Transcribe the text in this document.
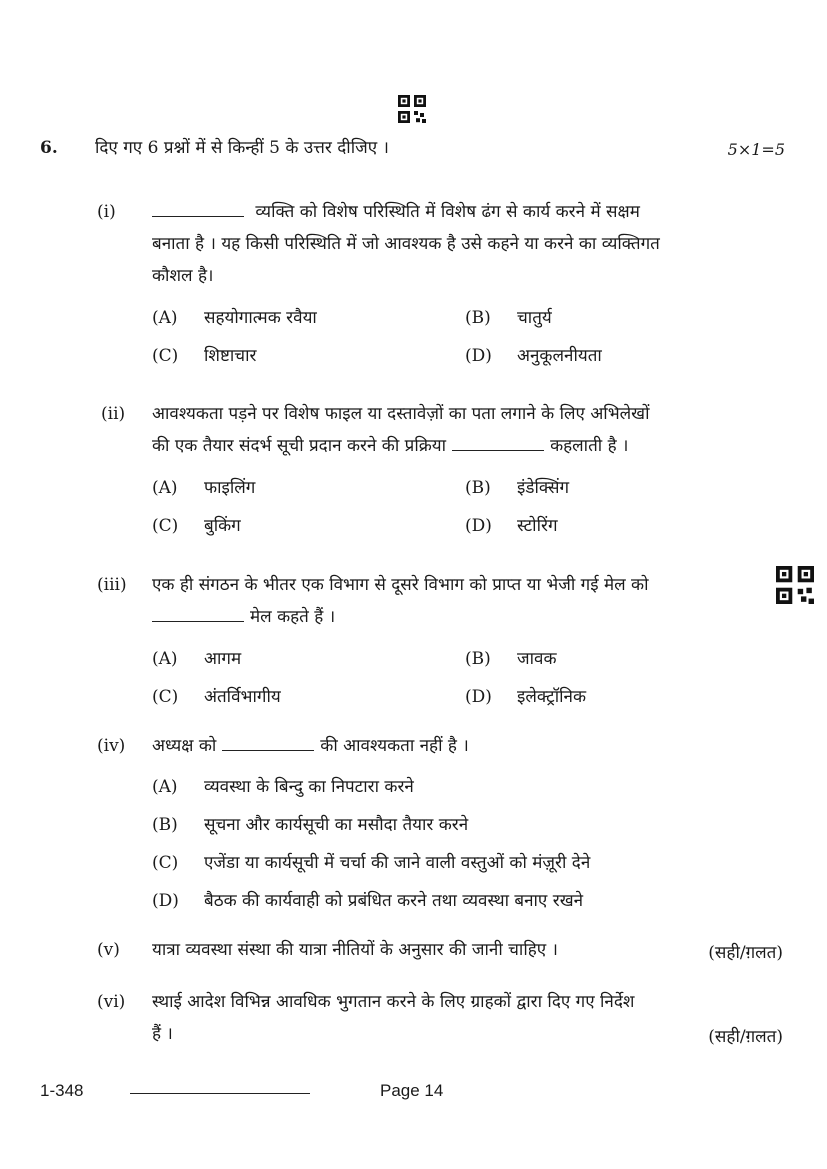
6. दिए गए 6 प्रश्नों में से किन्हीं 5 के उत्तर दीजिए ।	5×1=5
(i)	व्यक्ति को विशेष परिस्थिति में विशेष ढंग से कार्य करने में सक्षम
बनाता है । यह किसी परिस्थिति में जो आवश्यक है उसे कहने या करने का व्यक्तिगत
कौशल है।
(A) सहयोगात्मक रवैया	(B) चातुर्य
(C) शिष्टाचार	(D) अनुकूलनीयता
(ii) आवश्यकता पड़ने पर विशेष फाइल या दस्तावेज़ों का पता लगाने के लिए अभिलेखों
की एक तैयार संदर्भ सूची प्रदान करने की प्रक्रिया	कहलाती है ।
(A) फाइलिंग	(B) इंडेक्सिंग
(C) बुकिंग	(D) स्टोरिंग
(iii) एक ही संगठन के भीतर एक विभाग से दूसरे विभाग को प्राप्त या भेजी गई मेल को
मेल कहते हैं ।
(A) आगम	(B) जावक
(C) अंतर्विभागीय	(D) इलेक्ट्रॉनिक
(iv) अध्यक्ष को	की आवश्यकता नहीं है ।
(A) व्यवस्था के बिन्दु का निपटारा करने
(B) सूचना और कार्यसूची का मसौदा तैयार करने
(C) एजेंडा या कार्यसूची में चर्चा की जाने वाली वस्तुओं को मंज़ूरी देने
(D) बैठक की कार्यवाही को प्रबंधित करने तथा व्यवस्था बनाए रखने
(v) यात्रा व्यवस्था संस्था की यात्रा नीतियों के अनुसार की जानी चाहिए ।	(सही/ग़लत)
(vi) स्थाई आदेश विभिन्न आवधिक भुगतान करने के लिए ग्राहकों द्वारा दिए गए निर्देश
हैं ।	(सही/ग़लत)
1-348	Page 14
